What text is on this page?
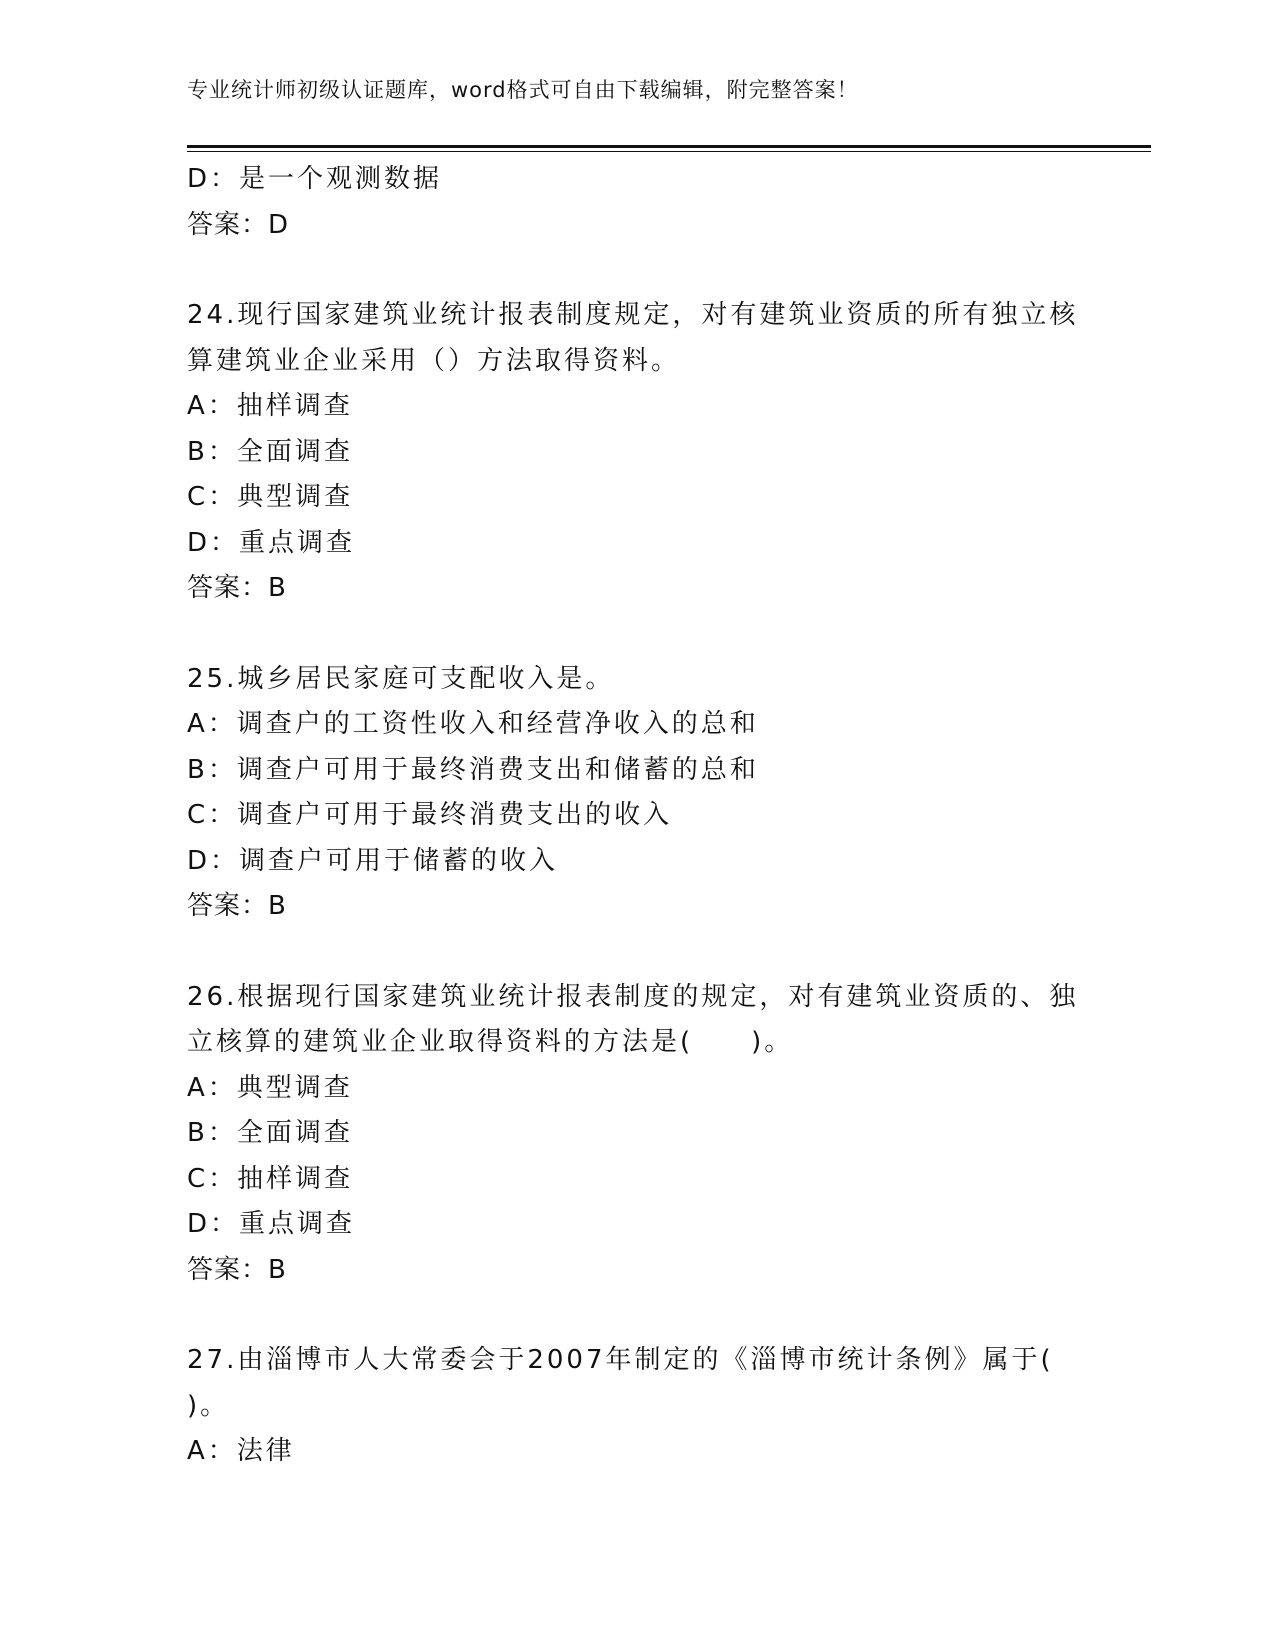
专业统计师初级认证题库，word格式可自由下载编辑，附完整答案！
D：是一个观测数据
答案：D
24.现行国家建筑业统计报表制度规定，对有建筑业资质的所有独立核
算建筑业企业采用（）方法取得资料。
A：抽样调查
B：全面调查
C：典型调查
D：重点调查
答案：B
25.城乡居民家庭可支配收入是。
A：调查户的工资性收入和经营净收入的总和
B：调查户可用于最终消费支出和储蓄的总和
C：调查户可用于最终消费支出的收入
D：调查户可用于储蓄的收入
答案：B
26.根据现行国家建筑业统计报表制度的规定，对有建筑业资质的、独
立核算的建筑业企业取得资料的方法是(　　)。
A：典型调查
B：全面调查
C：抽样调查
D：重点调查
答案：B
27.由淄博市人大常委会于2007年制定的《淄博市统计条例》属于(
)。
A：法律
